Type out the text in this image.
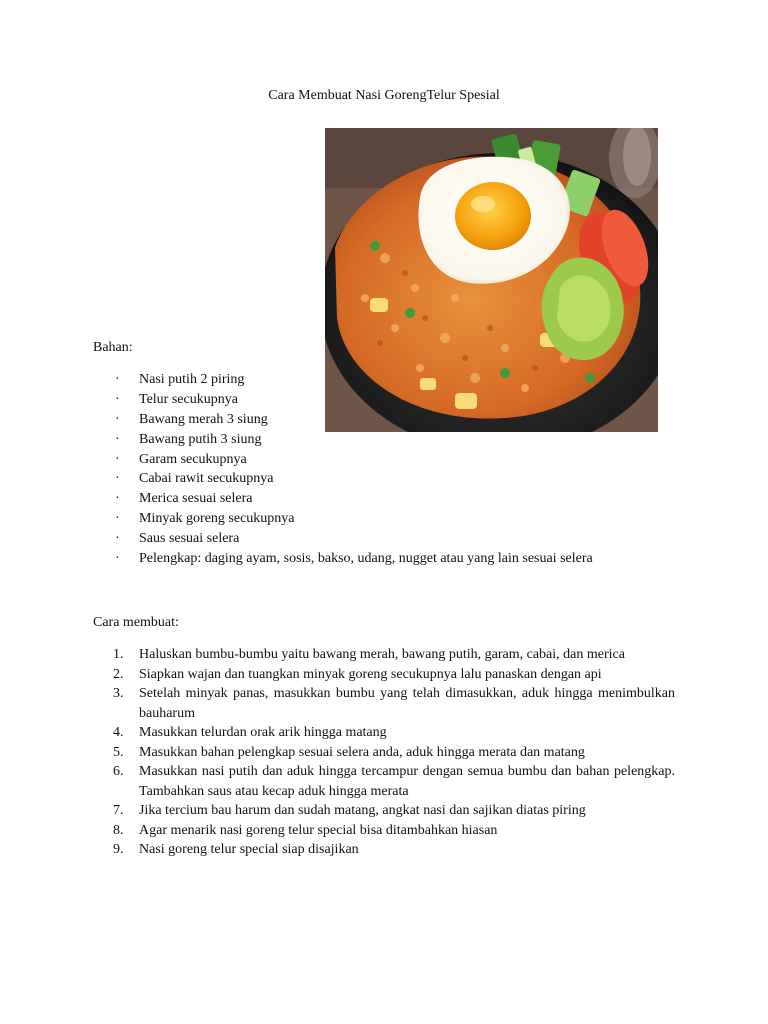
Cara Membuat Nasi GorengTelur Spesial
Bahan:
· Nasi putih 2 piring
· Telur secukupnya
· Bawang merah 3 siung
· Bawang putih 3 siung
· Garam secukupnya
· Cabai rawit secukupnya
· Merica sesuai selera
· Minyak goreng secukupnya
· Saus sesuai selera
· Pelengkap: daging ayam, sosis, bakso, udang, nugget atau yang lain sesuai selera
Cara membuat:
1. Haluskan bumbu-bumbu yaitu bawang merah, bawang putih, garam, cabai, dan merica
2. Siapkan wajan dan tuangkan minyak goreng secukupnya lalu panaskan dengan api
3. Setelah minyak panas, masukkan bumbu yang telah dimasukkan, aduk hingga menimbulkan bauharum
4. Masukkan telurdan orak arik hingga matang
5. Masukkan bahan pelengkap sesuai selera anda, aduk hingga merata dan matang
6. Masukkan nasi putih dan aduk hingga tercampur dengan semua bumbu dan bahan pelengkap. Tambahkan saus atau kecap aduk hingga merata
7. Jika tercium bau harum dan sudah matang, angkat nasi dan sajikan diatas piring
8. Agar menarik nasi goreng telur special bisa ditambahkan hiasan
9. Nasi goreng telur special siap disajikan
